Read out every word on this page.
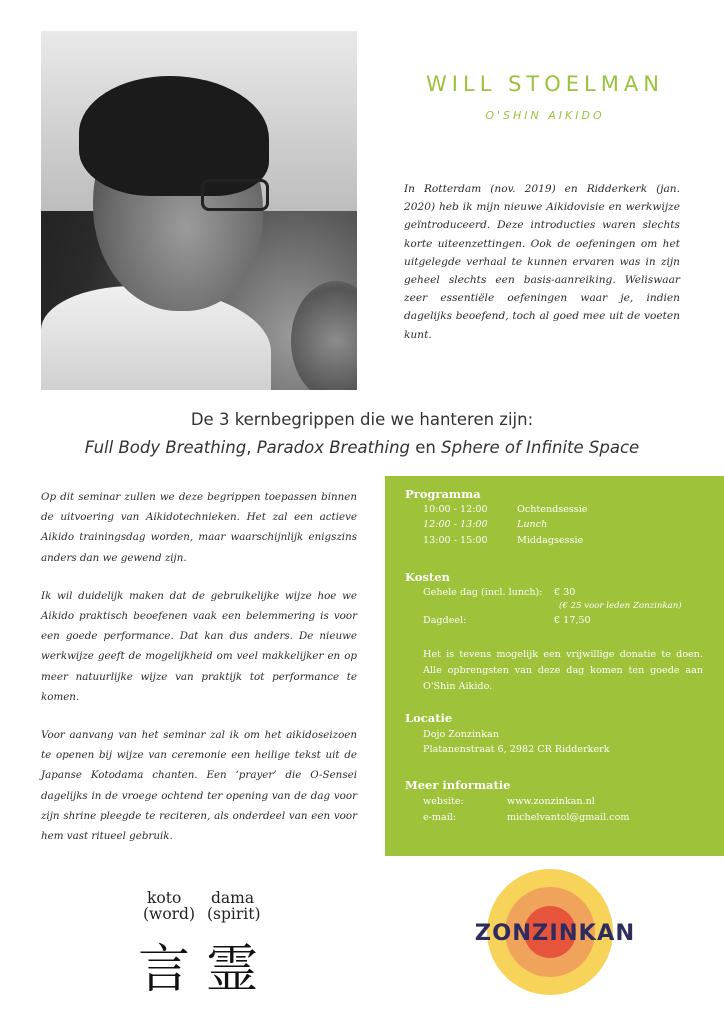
WILL STOELMAN
O'SHIN AIKIDO
In Rotterdam (nov. 2019) en Ridderkerk (jan. 2020) heb ik mijn nieuwe Aikidovisie en werkwijze geïntroduceerd. Deze introducties waren slechts korte uiteenzettingen. Ook de oefeningen om het uitgelegde verhaal te kunnen ervaren was in zijn geheel slechts een basis-aanreiking. Weliswaar zeer essentiële oefeningen waar je, indien dagelijks beoefend, toch al goed mee uit de voeten kunt.
De 3 kernbegrippen die we hanteren zijn:
Full Body Breathing, Paradox Breathing en Sphere of Infinite Space

Op dit seminar zullen we deze begrippen toepassen binnen de uitvoering van Aikidotechnieken. Het zal een actieve Aikido trainingsdag worden, maar waarschijnlijk enigszins anders dan we gewend zijn.

Ik wil duidelijk maken dat de gebruikelijke wijze hoe we Aikido praktisch beoefenen vaak een belemmering is voor een goede performance. Dat kan dus anders. De nieuwe werkwijze geeft de mogelijkheid om veel makkelijker en op meer natuurlijke wijze van praktijk tot performance te komen.

Voor aanvang van het seminar zal ik om het aikidoseizoen te openen bij wijze van ceremonie een heilige tekst uit de Japanse Kotodama chanten. Een ‘prayer’ die O-Sensei dagelijks in de vroege ochtend ter opening van de dag voor zijn shrine pleegde te reciteren, als onderdeel van een voor hem vast ritueel gebruik.

Programma
10:00 - 12:00	Ochtendsessie
12:00 - 13:00	Lunch
13:00 - 15:00	Middagsessie
Kosten
Gehele dag (incl. lunch): € 30
(€ 25 voor leden Zonzinkan)
Dagdeel:	€ 17,50
Het is tevens mogelijk een vrijwillige donatie te doen. Alle opbrengsten van deze dag komen ten goede aan O'Shin Aikido.
Locatie
Dojo Zonzinkan
Platanenstraat 6, 2982 CR Ridderkerk
Meer informatie
website:	www.zonzinkan.nl
e-mail:	michelvantol@gmail.com
koto
(word)
dama
(spirit)
言 霊
ZONZINKAN
